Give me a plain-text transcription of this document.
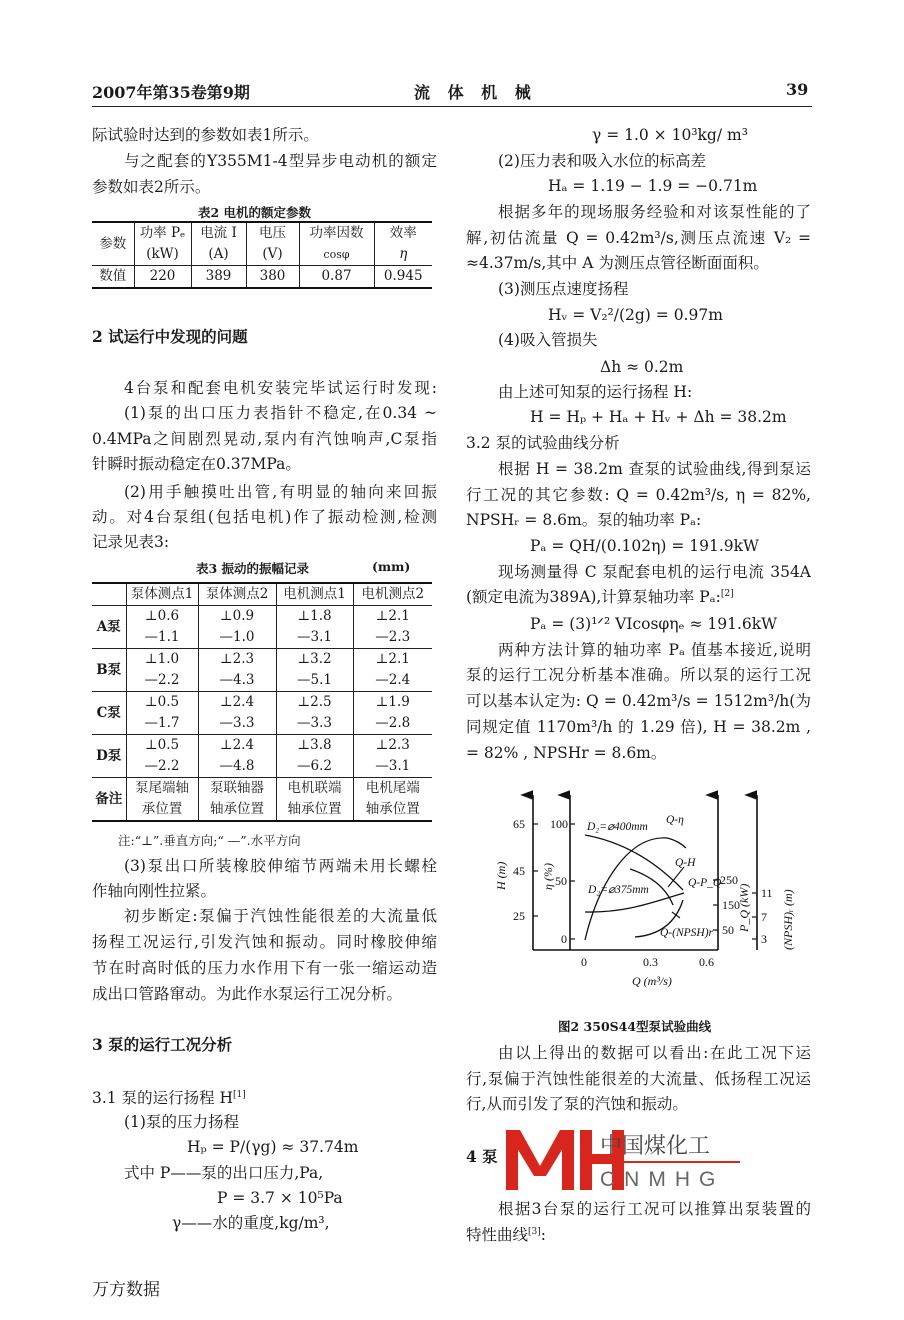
2007年第35卷第9期	流 体 机 械	39
际试验时达到的参数如表1所示。
与之配套的Y355M1-4型异步电动机的额定
参数如表2所示。
2 试运行中发现的问题
4台泵和配套电机安装完毕试运行时发现:
(1)泵的出口压力表指针不稳定,在0.34 ~
0.4MPa之间剧烈晃动,泵内有汽蚀响声,C泵指
针瞬时振动稳定在0.37MPa。
(2)用手触摸吐出管,有明显的轴向来回振
动。对4台泵组(包括电机)作了振动检测,检测
记录见表3:
注:“⊥”.垂直方向;“ —”.水平方向
(3)泵出口所装橡胶伸缩节两端未用长螺栓
作轴向刚性拉紧。
初步断定:泵偏于汽蚀性能很差的大流量低
扬程工况运行,引发汽蚀和振动。同时橡胶伸缩
节在时高时低的压力水作用下有一张一缩运动造
成出口管路窜动。为此作水泵运行工况分析。
3 泵的运行工况分析
3.1 泵的运行扬程 H[1]
(1)泵的压力扬程
Hₚ = P/(γg) ≈ 37.74m
式中 P——泵的出口压力,Pa,
P = 3.7 × 10⁵Pa
γ——水的重度,kg/m³,
γ = 1.0 × 10³kg/ m³
(2)压力表和吸入水位的标高差
Hₐ = 1.19 − 1.9 = −0.71m
根据多年的现场服务经验和对该泵性能的了
解,初估流量 Q = 0.42m³/s,测压点流速 V₂ =
≈4.37m/s,其中 A 为测压点管径断面面积。
(3)测压点速度扬程
Hᵥ = V₂²/(2g) = 0.97m
(4)吸入管损失
Δh ≈ 0.2m
由上述可知泵的运行扬程 H:
H = Hₚ + Hₐ + Hᵥ + Δh = 38.2m
3.2 泵的试验曲线分析
根据 H = 38.2m 查泵的试验曲线,得到泵运
行工况的其它参数: Q = 0.42m³/s, η = 82%,
NPSHᵣ = 8.6m。泵的轴功率 Pₐ:
Pₐ = QH/(0.102η) = 191.9kW
现场测量得 C 泵配套电机的运行电流 354A
(额定电流为389A),计算泵轴功率 Pₐ:[2]
Pₐ = (3)¹ᐟ² VIcosφηₑ ≈ 191.6kW
两种方法计算的轴功率 Pₐ 值基本接近,说明
泵的运行工况分析基本准确。所以泵的运行工况
可以基本认定为: Q = 0.42m³/s = 1512m³/h(为
同规定值 1170m³/h 的 1.29 倍), H = 38.2m ,
= 82% , NPSHr = 8.6m。
图2 350S44型泵试验曲线
由以上得出的数据可以看出:在此工况下运
行,泵偏于汽蚀性能很差的大流量、低扬程工况运
行,从而引发了泵的汽蚀和振动。
4 泵
根据3台泵的运行工况可以推算出泵装置的
特性曲线[3]:
表2 电机的额定参数
参数	功率 Pₑ	电流 I	电压	功率因数	效率
	(kW)	(A)	(V)	cosφ	η
数值	220	389	380	0.87	0.945
表3 振动的振幅记录	(mm)
	泵体测点1	泵体测点2	电机测点1	电机测点2
A泵	⊥0.6	⊥0.9	⊥1.8	⊥2.1
	—1.1	—1.0	—3.1	—2.3
B泵	⊥1.0	⊥2.3	⊥3.2	⊥2.1
	—2.2	—4.3	—5.1	—2.4
C泵	⊥0.5	⊥2.4	⊥2.5	⊥1.9
	—1.7	—3.3	—3.3	—2.8
D泵	⊥0.5	⊥2.4	⊥3.8	⊥2.3
	—2.2	—4.8	—6.2	—3.1
备注	泵尾端轴	泵联轴器	电机联端	电机尾端
	承位置	轴承位置	轴承位置	轴承位置
65
45
25
100
50
0
0	0.3	0.6
250
150
50
11
7
3
Q (m³/s)
H (m)	η (%)
P_Q (kW)	(NPSH)ᵣ (m)
D₂=⌀400mm
Q-η
Q-H
D₂=⌀375mm
Q-P_Q
Q-(NPSH)r
中国煤化工
CNMHG
万方数据
